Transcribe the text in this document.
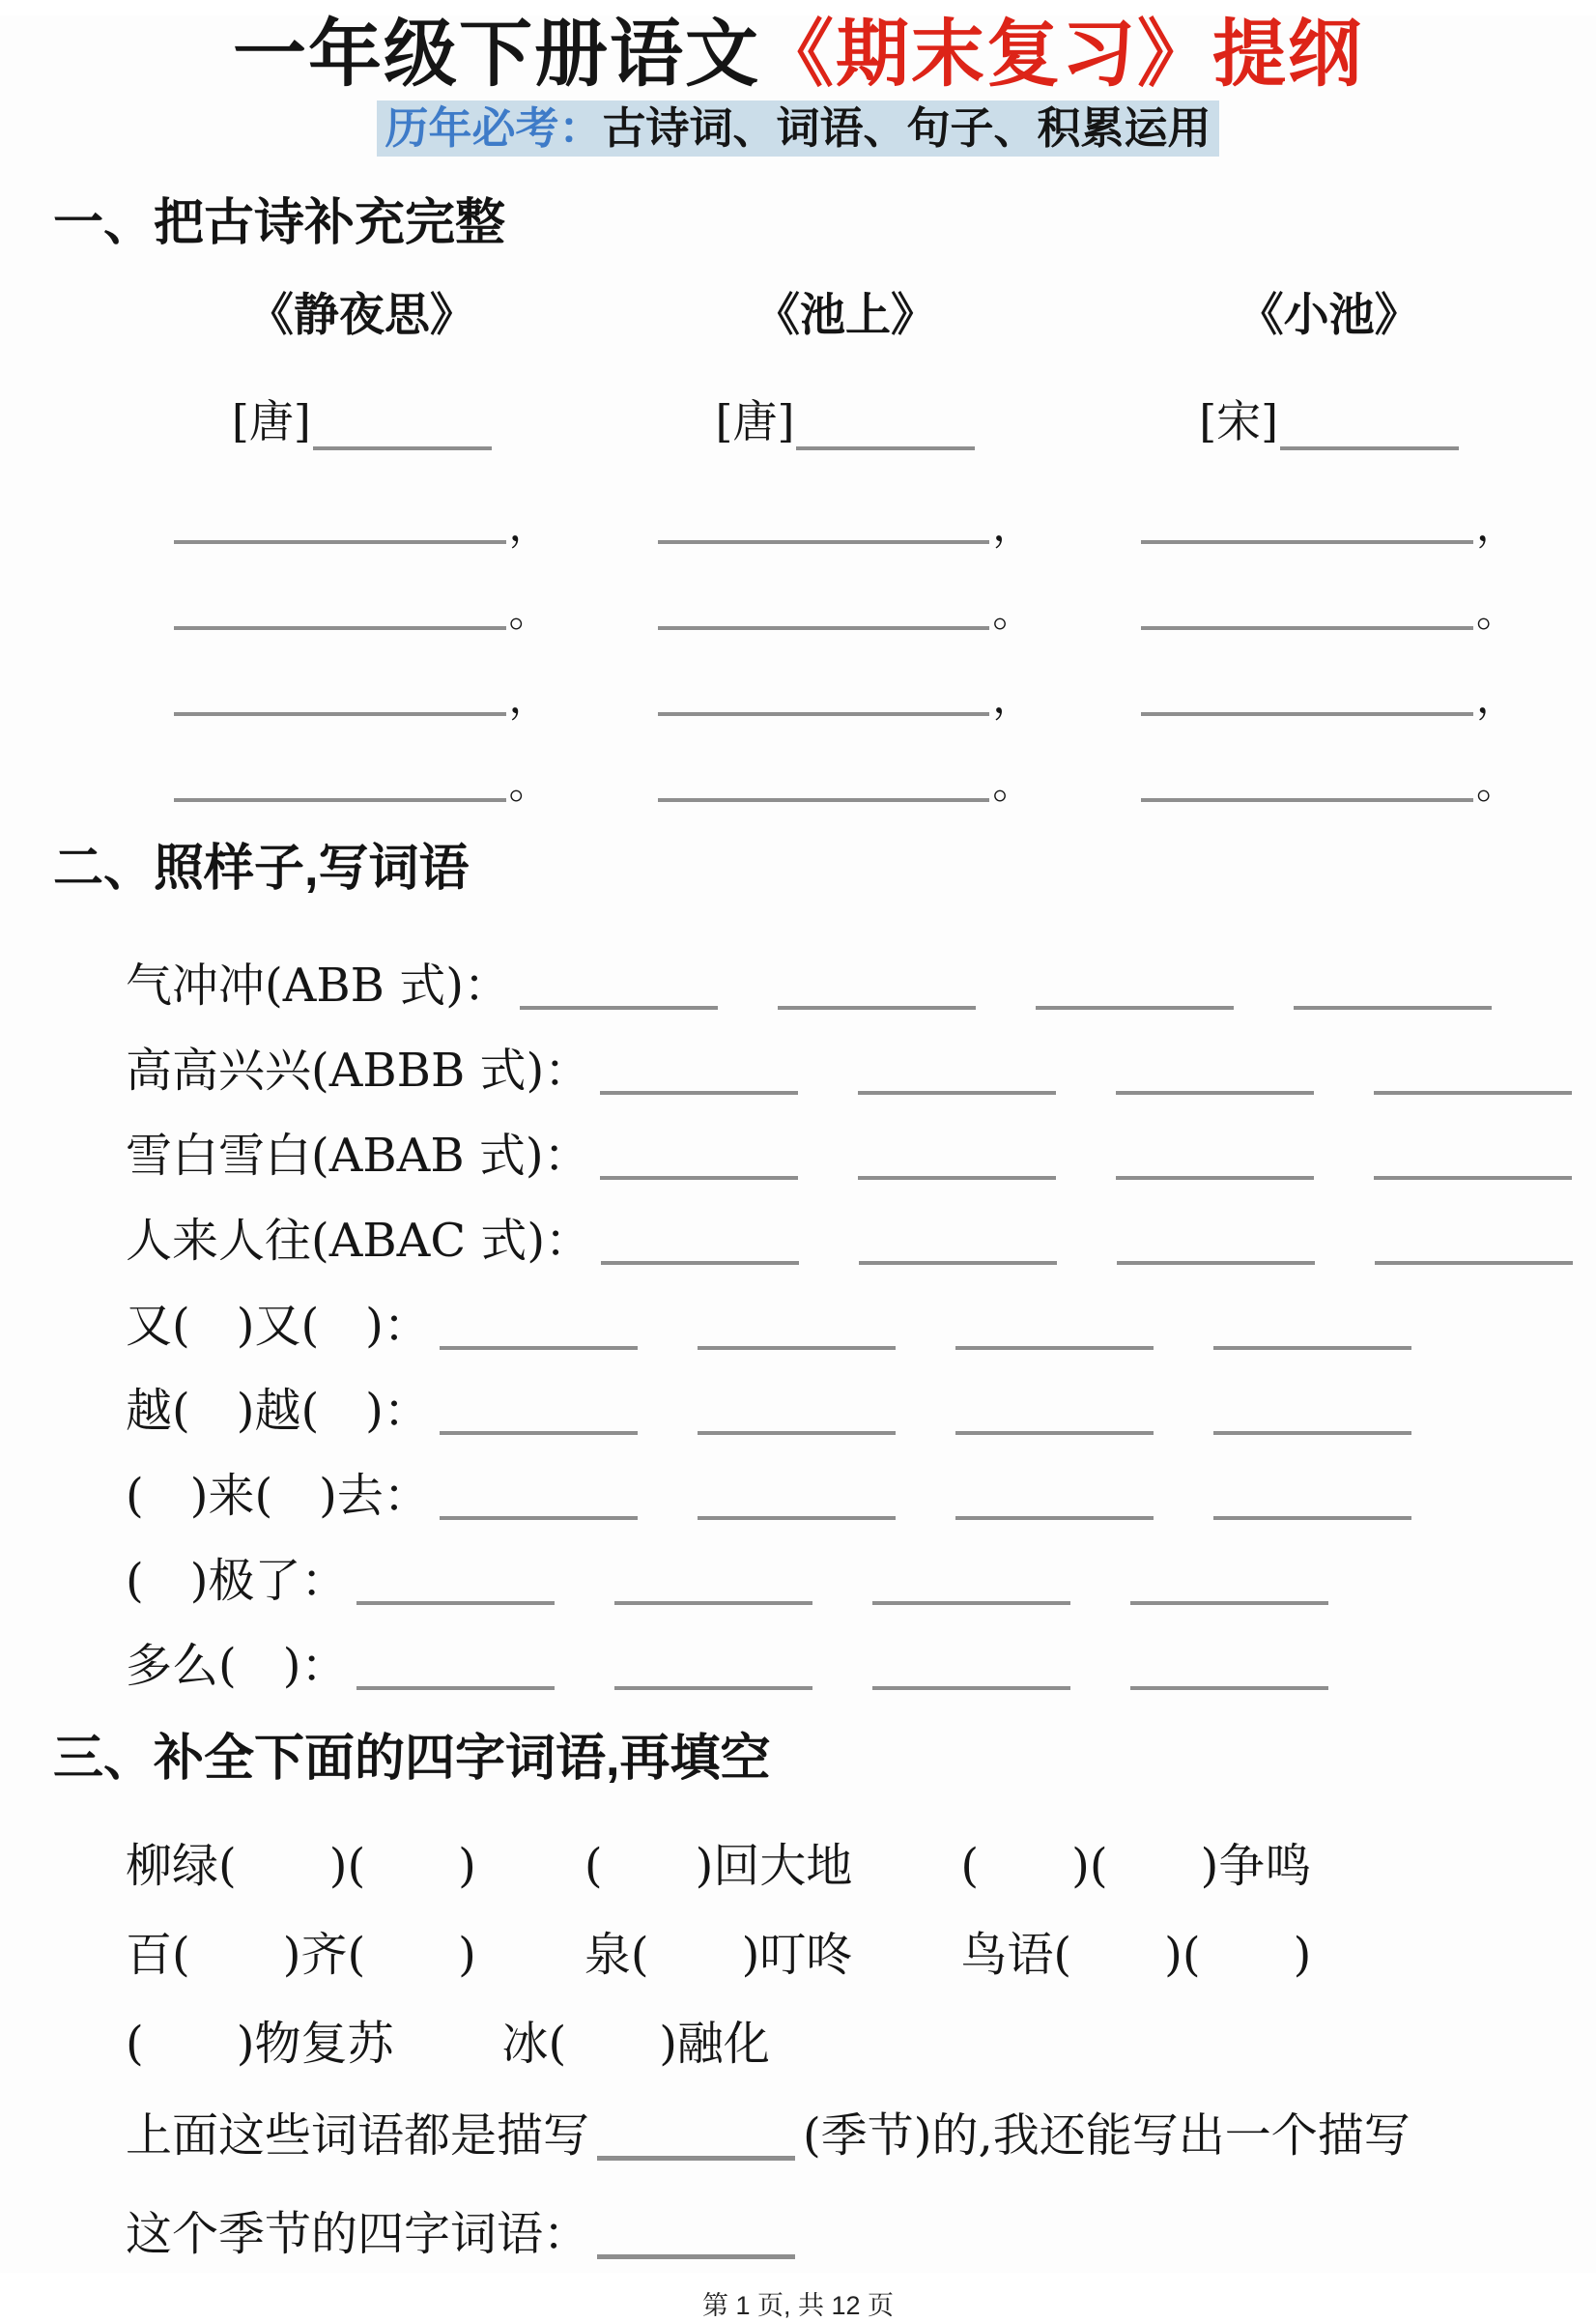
一年级下册语文《期末复习》提纲
历年必考：古诗词、词语、句子、积累运用
一、把古诗补充完整
《静夜思》
[唐]
，
。
，
。
《池上》
[唐]
，
。
，
。
《小池》
[宋]
，
。
，
。
二、照样子,写词语
气冲冲(ABB 式)：
高高兴兴(ABBB 式)：
雪白雪白(ABAB 式)：
人来人往(ABAC 式)：
又(　)又(　)：
越(　)越(　)：
(　)来(　)去：
(　)极了：
多么(　)：
三、补全下面的四字词语,再填空
柳绿(　　)(　　) (　　)回大地 (　　)(　　)争鸣
百(　　)齐(　　) 泉(　　)叮咚 鸟语(　　)(　　)
(　　)物复苏 冰(　　)融化
上面这些词语都是描写	(季节)的,我还能写出一个描写
这个季节的四字词语：
第 1 页, 共 12 页
